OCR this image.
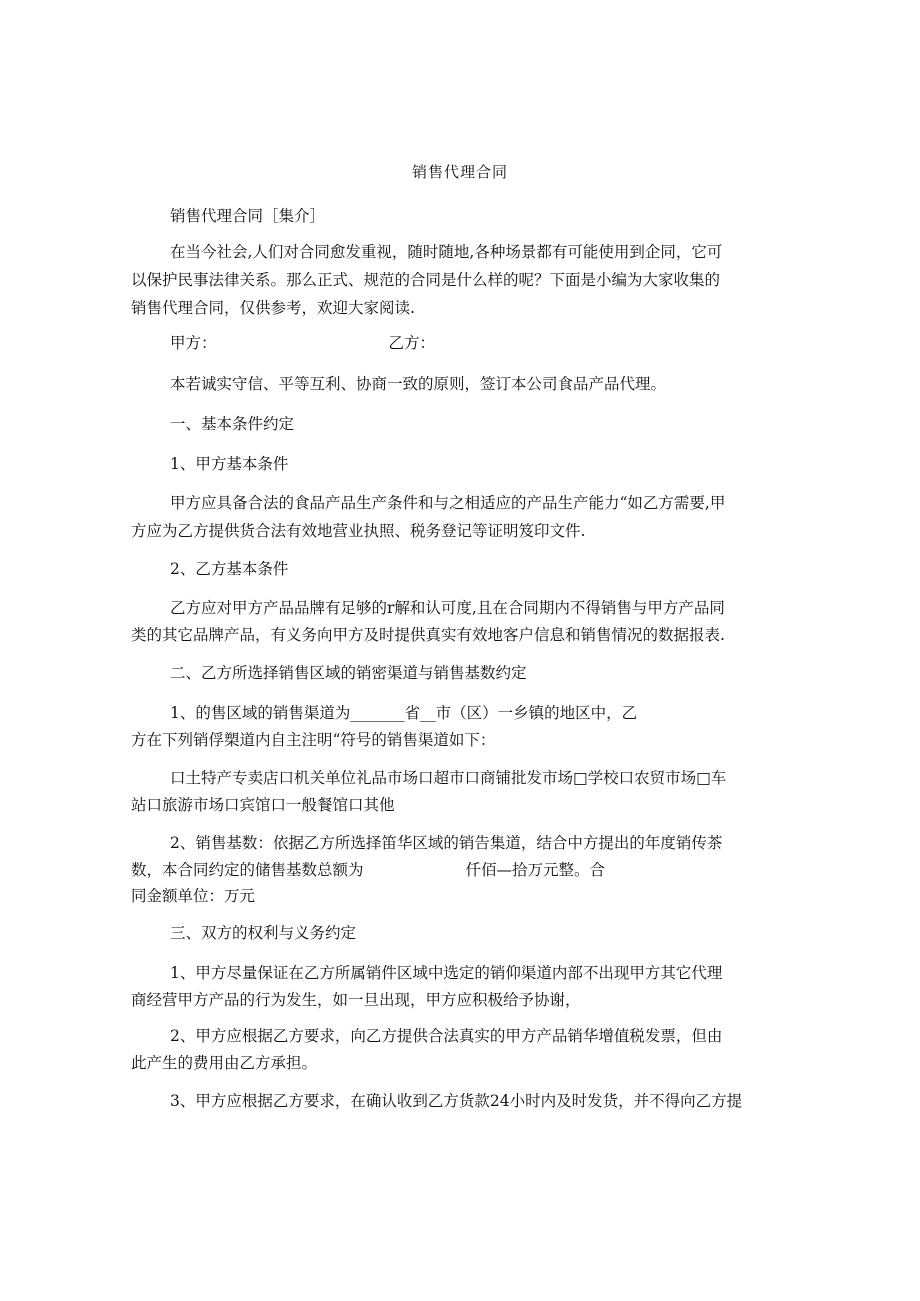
销售代理合同
销售代理合同［集介］
在当今社会,人们对合同愈发重视，随时随地,各种场景都有可能使用到企同，它可
以保护民事法律关系。那么正式、规范的合同是什么样的呢？下面是小编为大家收集的
销售代理合同，仅供参考，欢迎大家阅读.
甲方：	乙方：
本若诚实守信、平等互利、协商一致的原则，签订本公司食品产品代理。
一、基本条件约定
1、甲方基本条件
甲方应具备合法的食品产品生产条件和与之相适应的产品生产能力“如乙方需要,甲
方应为乙方提供货合法有效地营业执照、税务登记等证明笈印文件.
2、乙方基本条件
乙方应对甲方产品品牌有足够的r解和认可度,且在合同期内不得销售与甲方产品同
类的其它品牌产品，有义务向甲方及时提供真实有效地客户信息和销售情况的数据报表.
二、乙方所选择销售区域的销密渠道与销售基数约定
1、的售区域的销售渠道为_______省__市（区）一乡镇的地区中，乙
方在下列销俘槊道内自主注明“符号的销售渠道如下：
口土特产专卖店口机关单位礼品市场口超市口商铺批发市场□学校口农贸市场□车
站口旅游市场口宾馆口一般餐馆口其他
2、销售基数：依据乙方所选择笛华区域的销告集道，结合中方提出的年度销传茶
数，本合同约定的储售基数总额为	仟佰—拾万元整。合
同金额单位：万元
三、双方的权利与义务约定
1、甲方尽量保证在乙方所属销件区域中选定的销仰渠道内部不出现甲方其它代理
商经营甲方产品的行为发生，如一旦出现，甲方应积极给予协谢，
2、甲方应根据乙方要求，向乙方提供合法真实的甲方产品销华增值税发票，但由
此产生的费用由乙方承担。
3、甲方应根据乙方要求，在确认收到乙方货款24小时内及时发货，并不得向乙方提
